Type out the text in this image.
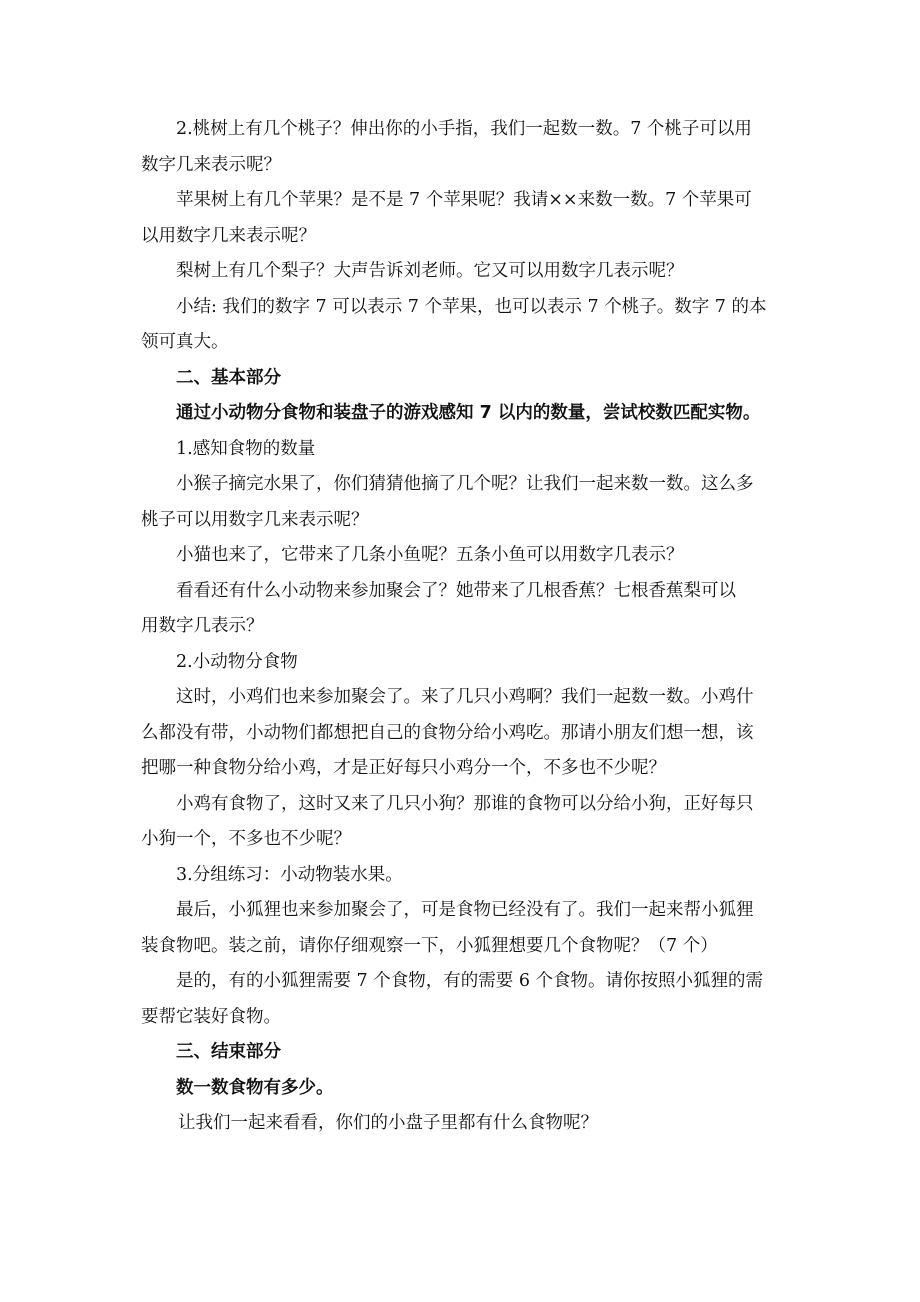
2.桃树上有几个桃子？伸出你的小手指，我们一起数一数。7 个桃子可以用
数字几来表示呢？

苹果树上有几个苹果？是不是 7 个苹果呢？我请××来数一数。7 个苹果可
以用数字几来表示呢？

梨树上有几个梨子？大声告诉刘老师。它又可以用数字几表示呢？

小结: 我们的数字 7 可以表示 7 个苹果，也可以表示 7 个桃子。数字 7 的本
领可真大。

二、基本部分

通过小动物分食物和装盘子的游戏感知 7 以内的数量，尝试校数匹配实物。

1.感知食物的数量

小猴子摘完水果了，你们猜猜他摘了几个呢？让我们一起来数一数。这么多
桃子可以用数字几来表示呢？

小猫也来了，它带来了几条小鱼呢？五条小鱼可以用数字几表示？

看看还有什么小动物来参加聚会了？她带来了几根香蕉？七根香蕉梨可以
用数字几表示？

2.小动物分食物

这时，小鸡们也来参加聚会了。来了几只小鸡啊？我们一起数一数。小鸡什
么都没有带，小动物们都想把自己的食物分给小鸡吃。那请小朋友们想一想，该
把哪一种食物分给小鸡，才是正好每只小鸡分一个，不多也不少呢？

小鸡有食物了，这时又来了几只小狗？那谁的食物可以分给小狗，正好每只
小狗一个，不多也不少呢？

3.分组练习：小动物装水果。

最后，小狐狸也来参加聚会了，可是食物已经没有了。我们一起来帮小狐狸
装食物吧。装之前，请你仔细观察一下，小狐狸想要几个食物呢？（7 个）

是的，有的小狐狸需要 7 个食物，有的需要 6 个食物。请你按照小狐狸的需
要帮它装好食物。

三、结束部分

数一数食物有多少。

让我们一起来看看，你们的小盘子里都有什么食物呢？
